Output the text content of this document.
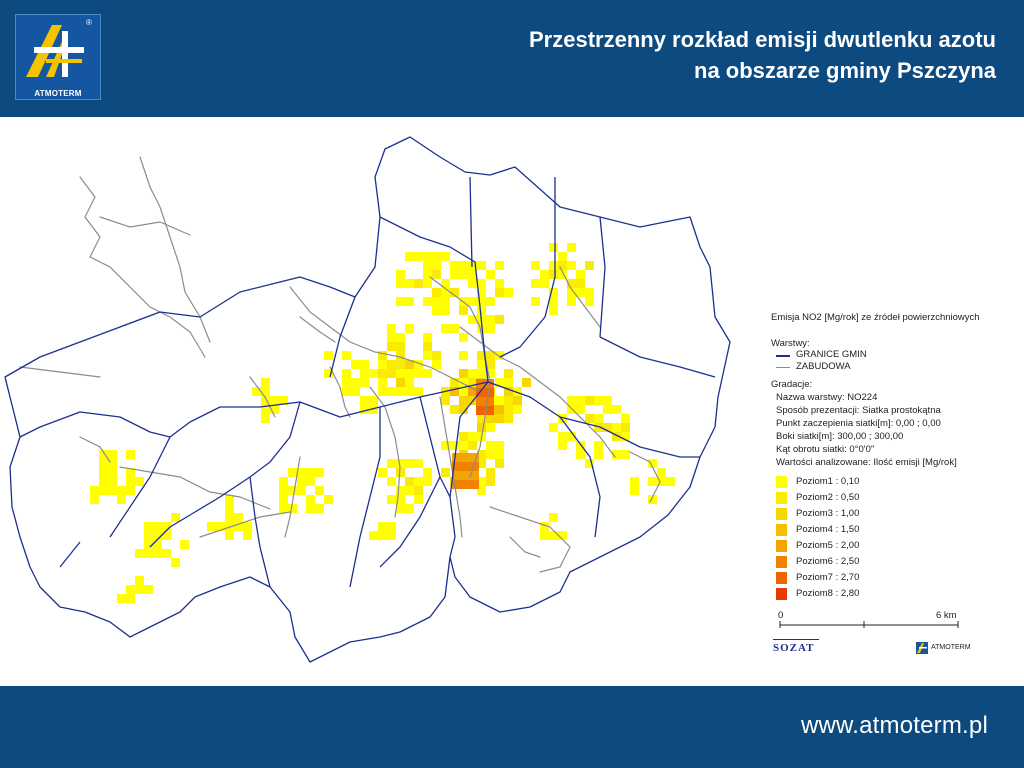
®
ATMOTERM
Przestrzenny rozkład emisji dwutlenku azotu
na obszarze gminy Pszczyna
Emisja NO2 [Mg/rok] ze źródeł powierzchniowych
Warstwy:
GRANICE GMIN
ZABUDOWA
Gradacje:
Nazwa warstwy: NO224
Sposób prezentacji: Siatka prostokątna
Punkt zaczepienia siatki[m]: 0,00 ; 0,00
Boki siatki[m]: 300,00 ; 300,00
Kąt obrotu siatki: 0°0'0''
Wartości analizowane: Ilość emisji [Mg/rok]
Poziom1 : 0,10
Poziom2 : 0,50
Poziom3 : 1,00
Poziom4 : 1,50
Poziom5 : 2,00
Poziom6 : 2,50
Poziom7 : 2,70
Poziom8 : 2,80
0	6 km
SOZAT	ATMOTERM
www.atmoterm.pl
